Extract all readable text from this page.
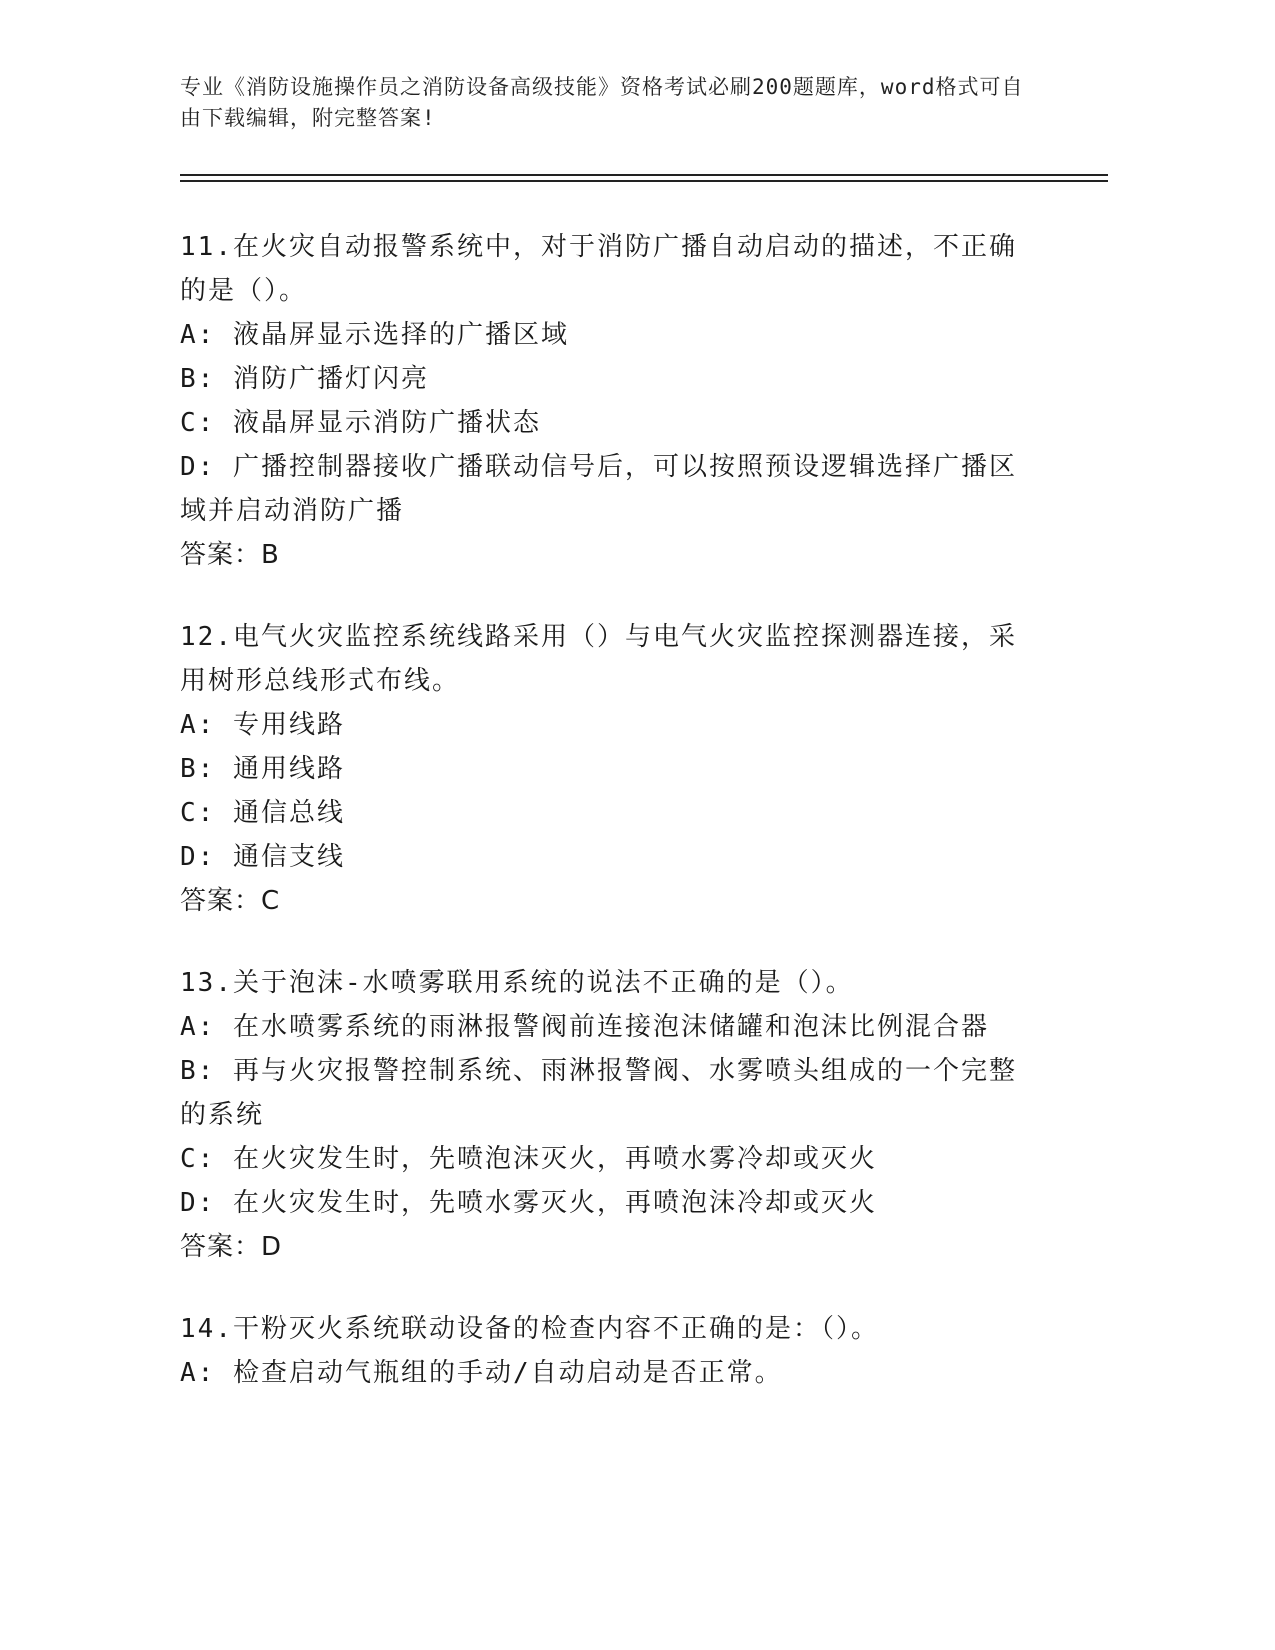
专业《消防设施操作员之消防设备高级技能》资格考试必刷200题题库，word格式可自由下载编辑，附完整答案!
11 . 在火灾自动报警系统中，对于消防广播自动启动的描述，不正确的是（）。
A : 液晶屏显示选择的广播区域
B : 消防广播灯闪亮
C : 液晶屏显示消防广播状态
D : 广播控制器接收广播联动信号后，可以按照预设逻辑选择广播区域并启动消防广播
答案：B
12 . 电气火灾监控系统线路采用（）与电气火灾监控探测器连接，采用树形总线形式布线。
A : 专用线路
B : 通用线路
C : 通信总线
D : 通信支线
答案：C
13 . 关于泡沫-水喷雾联用系统的说法不正确的是（）。
A : 在水喷雾系统的雨淋报警阀前连接泡沫储罐和泡沫比例混合器
B : 再与火灾报警控制系统、雨淋报警阀、水雾喷头组成的一个完整的系统
C : 在火灾发生时，先喷泡沫灭火，再喷水雾冷却或灭火
D : 在火灾发生时，先喷水雾灭火，再喷泡沫冷却或灭火
答案：D
14 . 干粉灭火系统联动设备的检查内容不正确的是：（）。
A : 检查启动气瓶组的手动/自动启动是否正常。
